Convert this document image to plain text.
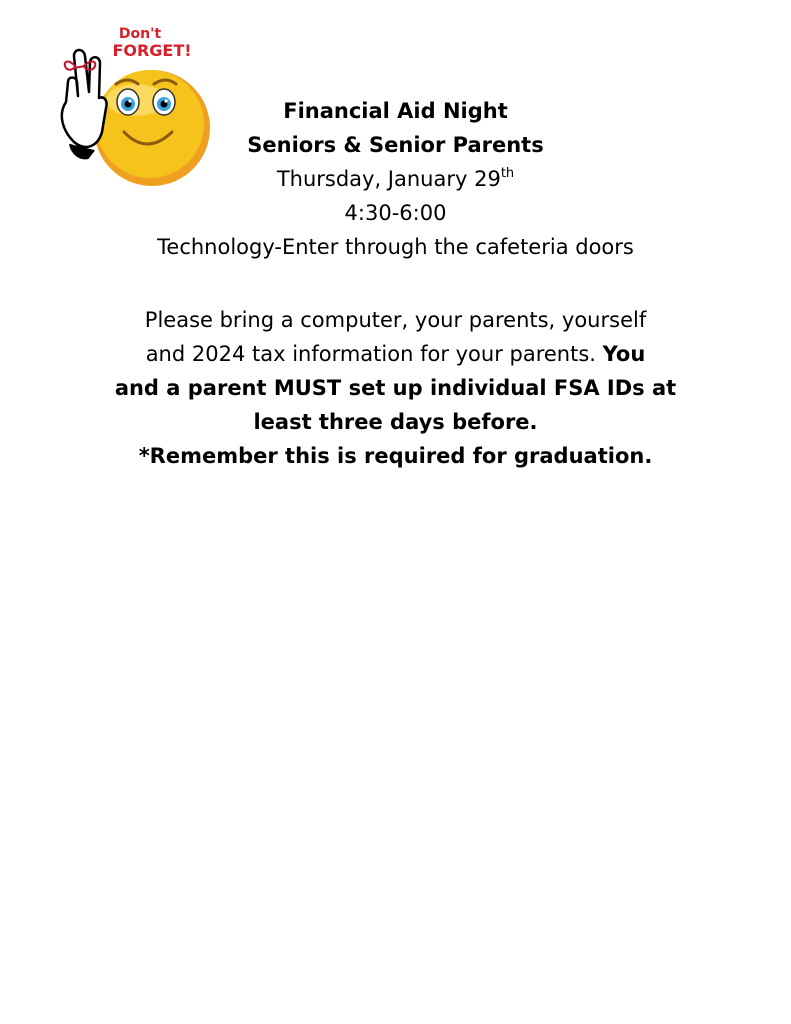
Don't
FORGET!
Financial Aid Night
Seniors & Senior Parents
Thursday, January 29th
4:30-6:00
Technology-Enter through the cafeteria doors
Please bring a computer, your parents, yourself
and 2024 tax information for your parents. You
and a parent MUST set up individual FSA IDs at
least three days before.
*Remember this is required for graduation.
